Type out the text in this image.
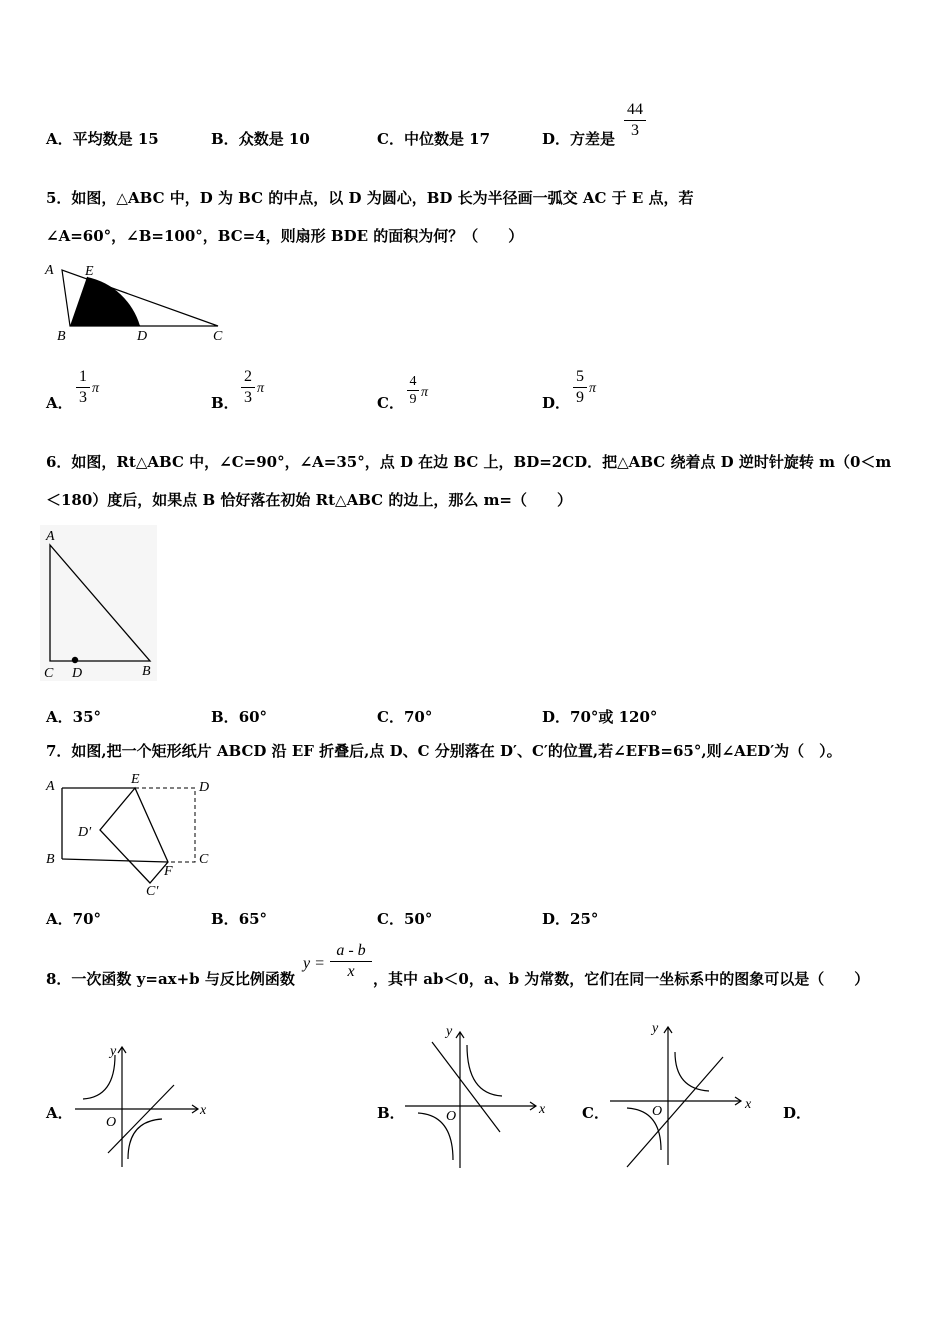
A．平均数是 15	B．众数是 10	C．中位数是 17	D．方差是
44
3
5．如图，△ABC 中，D 为 BC 的中点，以 D 为圆心，BD 长为半径画一弧交 AC 于 E 点，若
∠A=60°，∠B=100°，BC=4，则扇形 BDE 的面积为何？（　　）
A E
B	D	C
A．
1
3
π
B．
2
3
π
C．
4
9 π
D．
5
9
π
6．如图，Rt△ABC 中，∠C=90°，∠A=35°，点 D 在边 BC 上，BD=2CD．把△ABC 绕着点 D 逆时针旋转 m（0＜m
＜180）度后，如果点 B 恰好落在初始 Rt△ABC 的边上，那么 m=（　　）
A
C D	B
A．35°	B．60°	C．70°	D．70°或 120°
7．如图,把一个矩形纸片 ABCD 沿 EF 折叠后,点 D、C 分别落在 D′、C′的位置,若∠EFB=65°,则∠AED′为（　）。
A	E
D
D′
B
F
C
C′
A．70°	B．65°	C．50°	D．25°
8．一次函数 y=ax+b 与反比例函数
y =
a - b
x	，其中 ab＜0，a、b 为常数，它们在同一坐标系中的图象可以是（　　）
A．
y
x
O
B．
y
x
O	C．
y
x
O	D．
